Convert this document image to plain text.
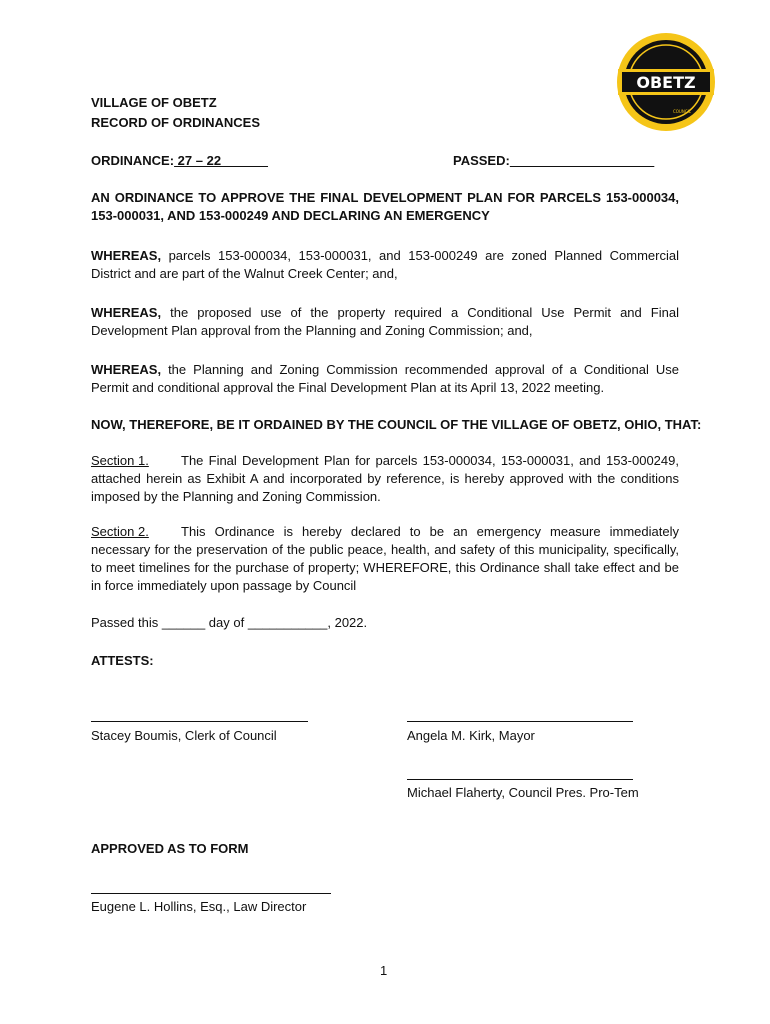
OBETZ
COUNCIL
VILLAGE OF OBETZ
RECORD OF ORDINANCES
ORDINANCE: 27 – 22	PASSED:
AN ORDINANCE TO APPROVE THE FINAL DEVELOPMENT PLAN FOR PARCELS 153-000034, 153-000031, AND 153-000249 AND DECLARING AN EMERGENCY
WHEREAS, parcels 153-000034, 153-000031, and 153-000249 are zoned Planned Commercial District and are part of the Walnut Creek Center; and,
WHEREAS, the proposed use of the property required a Conditional Use Permit and Final Development Plan approval from the Planning and Zoning Commission; and,
WHEREAS, the Planning and Zoning Commission recommended approval of a Conditional Use Permit and conditional approval the Final Development Plan at its April 13, 2022 meeting.
NOW, THEREFORE, BE IT ORDAINED BY THE COUNCIL OF THE VILLAGE OF OBETZ, OHIO, THAT:
Section 1. The Final Development Plan for parcels 153-000034, 153-000031, and 153-000249, attached herein as Exhibit A and incorporated by reference, is hereby approved with the conditions imposed by the Planning and Zoning Commission.
Section 2. This Ordinance is hereby declared to be an emergency measure immediately necessary for the preservation of the public peace, health, and safety of this municipality, specifically, to meet timelines for the purchase of property; WHEREFORE, this Ordinance shall take effect and be in force immediately upon passage by Council
Passed this ______ day of ___________, 2022.
ATTESTS:
Stacey Boumis, Clerk of Council	Angela M. Kirk, Mayor
Michael Flaherty, Council Pres. Pro-Tem
APPROVED AS TO FORM
Eugene L. Hollins, Esq., Law Director
1
